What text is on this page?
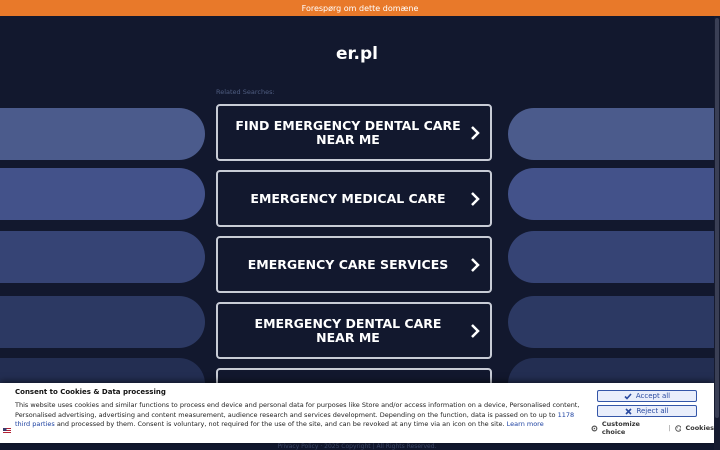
Forespørg om dette domæne
er.pl
Related Searches:
FIND EMERGENCY DENTAL CARE NEAR ME
EMERGENCY MEDICAL CARE
EMERGENCY CARE SERVICES
EMERGENCY DENTAL CARE NEAR ME
Privacy Policy · 2025 Copyright | All Rights Reserved.
Consent to Cookies & Data processing
This website uses cookies and similar functions to process end device and personal data for purposes like Store and/or access information on a device, Personalised content, Personalised advertising, advertising and content measurement, audience research and services development. Depending on the function, data is passed on to up to 1178 third parties and processed by them. Consent is voluntary, not required for the use of the site, and can be revoked at any time via an icon on the site. Learn more
Accept all
Reject all
Customize choice	| Cookies
